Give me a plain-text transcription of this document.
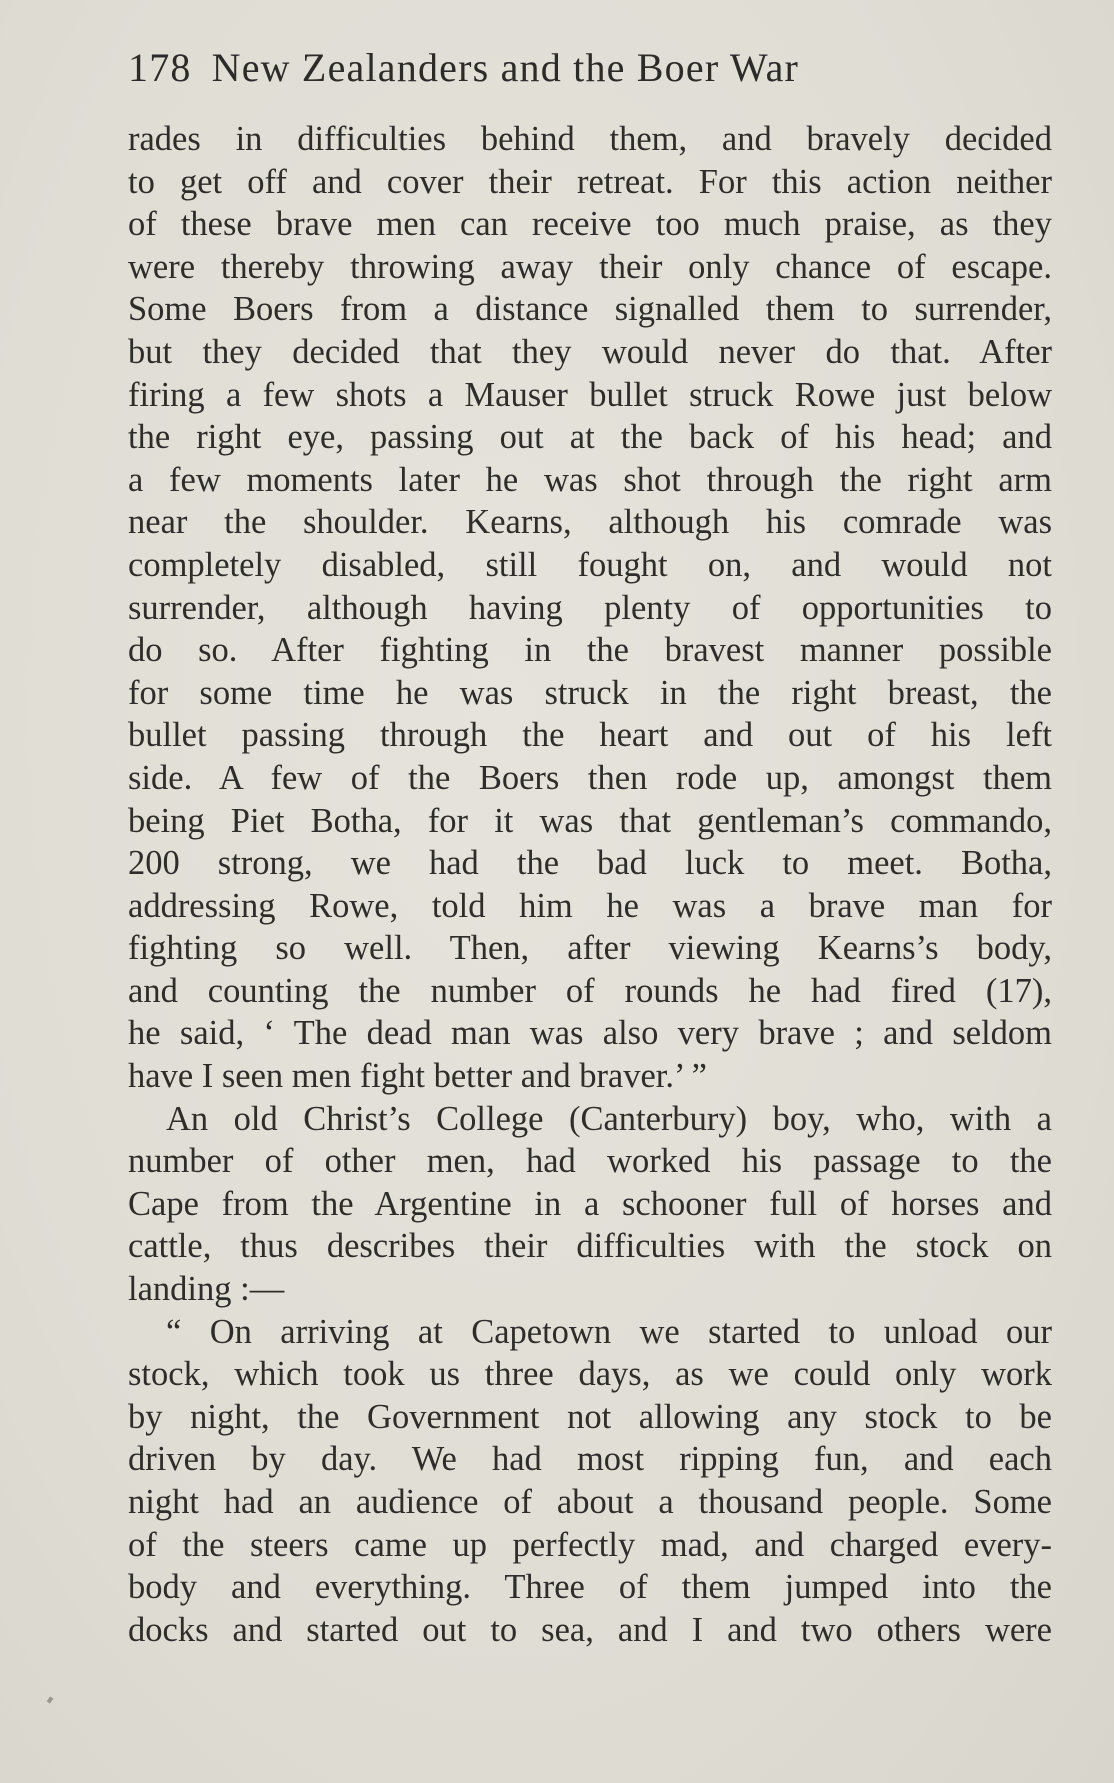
178 New Zealanders and the Boer War
rades in difficulties behind them, and bravely decided
to get off and cover their retreat. For this action neither
of these brave men can receive too much praise, as they
were thereby throwing away their only chance of escape.
Some Boers from a distance signalled them to surrender,
but they decided that they would never do that. After
firing a few shots a Mauser bullet struck Rowe just below
the right eye, passing out at the back of his head; and
a few moments later he was shot through the right arm
near the shoulder. Kearns, although his comrade was
completely disabled, still fought on, and would not
surrender, although having plenty of opportunities to
do so. After fighting in the bravest manner possible
for some time he was struck in the right breast, the
bullet passing through the heart and out of his left
side. A few of the Boers then rode up, amongst them
being Piet Botha, for it was that gentleman’s commando,
200 strong, we had the bad luck to meet. Botha,
addressing Rowe, told him he was a brave man for
fighting so well. Then, after viewing Kearns’s body,
and counting the number of rounds he had fired (17),
he said, ‘ The dead man was also very brave ; and seldom
have I seen men fight better and braver.’ ”
An old Christ’s College (Canterbury) boy, who, with a
number of other men, had worked his passage to the
Cape from the Argentine in a schooner full of horses and
cattle, thus describes their difficulties with the stock on
landing :—
“ On arriving at Capetown we started to unload our
stock, which took us three days, as we could only work
by night, the Government not allowing any stock to be
driven by day. We had most ripping fun, and each
night had an audience of about a thousand people. Some
of the steers came up perfectly mad, and charged every-
body and everything. Three of them jumped into the
docks and started out to sea, and I and two others were
